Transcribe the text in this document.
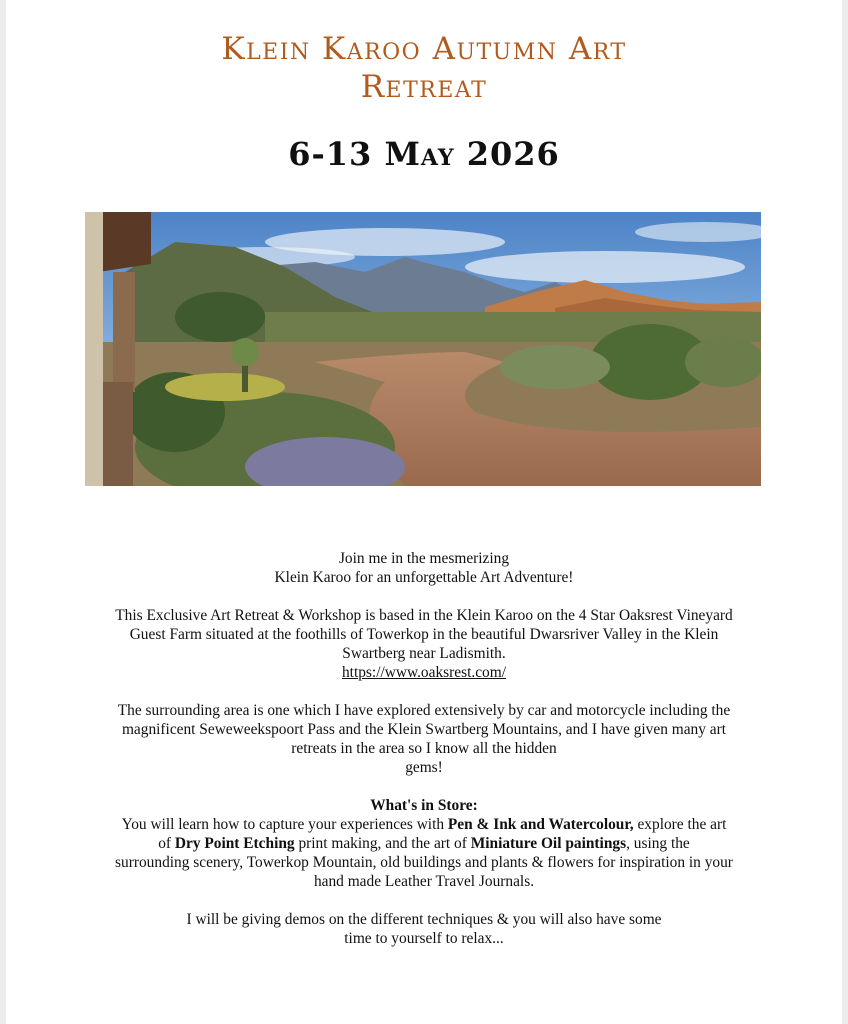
Klein Karoo Autumn Art
Retreat
6-13 May 2026

Join me in the mesmerizing

Klein Karoo for an unforgettable Art Adventure!

This Exclusive Art Retreat & Workshop is based in the Klein Karoo on the 4 Star Oaksrest Vineyard

Guest Farm situated at the foothills of Towerkop in the beautiful Dwarsriver Valley in the Klein

Swartberg near Ladismith.

https://www.oaksrest.com/

The surrounding area is one which I have explored extensively by car and motorcycle including the

magnificent Seweweekspoort Pass and the Klein Swartberg Mountains, and I have given many art

retreats in the area so I know all the hidden

gems!

What's in Store:

You will learn how to capture your experiences with Pen & Ink and Watercolour, explore the art

of Dry Point Etching print making, and the art of Miniature Oil paintings, using the

surrounding scenery, Towerkop Mountain, old buildings and plants & flowers for inspiration in your

hand made Leather Travel Journals.

I will be giving demos on the different techniques & you will also have some

time to yourself to relax...
